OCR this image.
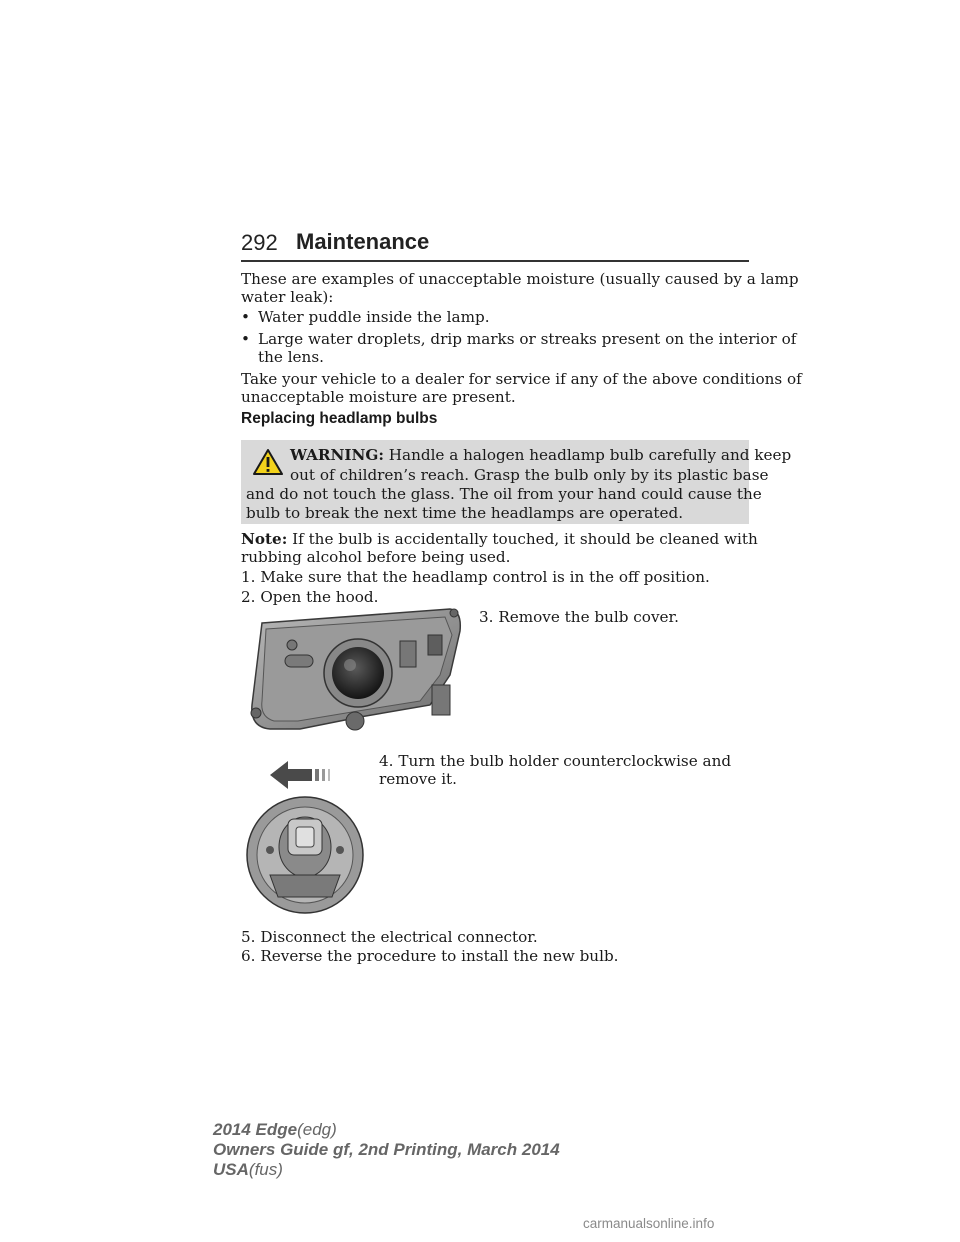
292 Maintenance
These are examples of unacceptable moisture (usually caused by a lamp
water leak):
• Water puddle inside the lamp.
• Large water droplets, drip marks or streaks present on the interior of
the lens.
Take your vehicle to a dealer for service if any of the above conditions of
unacceptable moisture are present.
Replacing headlamp bulbs
WARNING: Handle a halogen headlamp bulb carefully and keep
out of children’s reach. Grasp the bulb only by its plastic base
and do not touch the glass. The oil from your hand could cause the
bulb to break the next time the headlamps are operated.
Note: If the bulb is accidentally touched, it should be cleaned with
rubbing alcohol before being used.
1. Make sure that the headlamp control is in the off position.
2. Open the hood.
3. Remove the bulb cover.
4. Turn the bulb holder counterclockwise and
remove it.
5. Disconnect the electrical connector.
6. Reverse the procedure to install the new bulb.
2014 Edge(edg)
Owners Guide gf, 2nd Printing, March 2014
USA(fus)
carmanualsonline.info
